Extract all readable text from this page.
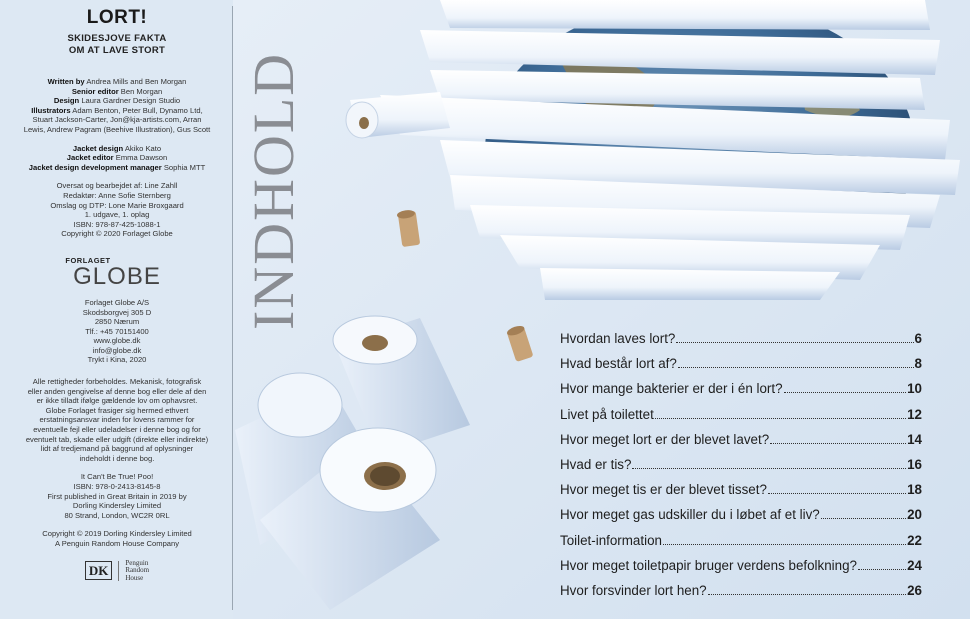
LORT!
SKIDESJOVE FAKTA
OM AT LAVE STORT
Written by Andrea Mills and Ben Morgan
Senior editor Ben Morgan
Design Laura Gardner Design Studio
Illustrators Adam Benton, Peter Bull, Dynamo Ltd,
Stuart Jackson-Carter, Jon@kja-artists.com, Arran
Lewis, Andrew Pagram (Beehive Illustration), Gus Scott
Jacket design Akiko Kato
Jacket editor Emma Dawson
Jacket design development manager Sophia MTT
Oversat og bearbejdet af: Line Zahll
Redaktør: Anne Sofie Sternberg
Omslag og DTP: Lone Marie Broxgaard
1. udgave, 1. oplag
ISBN: 978-87-425-1088-1
Copyright © 2020 Forlaget Globe
FORLAGET
GLOBE
Forlaget Globe A/S
Skodsborgvej 305 D
2850 Nærum
Tlf.: +45 70151400
www.globe.dk
info@globe.dk
Trykt i Kina, 2020
Alle rettigheder forbeholdes. Mekanisk, fotografisk
eller anden gengivelse af denne bog eller dele af den
er ikke tilladt ifølge gældende lov om ophavsret.
Globe Forlaget frasiger sig hermed ethvert
erstatningsansvar inden for lovens rammer for
eventuelle fejl eller udeladelser i denne bog og for
eventuelt tab, skade eller udgift (direkte eller indirekte)
lidt af tredjemand på baggrund af oplysninger
indeholdt i denne bog.
It Can't Be True! Poo!
ISBN: 978-0-2413-8145-8
First published in Great Britain in 2019 by
Dorling Kindersley Limited
80 Strand, London, WC2R 0RL
Copyright © 2019 Dorling Kindersley Limited
A Penguin Random House Company
DK
Penguin
Random
House
INDHOLD
Hvordan laves lort?	6
Hvad består lort af?	8
Hvor mange bakterier er der i én lort?	10
Livet på toilettet	12
Hvor meget lort er der blevet lavet?	14
Hvad er tis?	16
Hvor meget tis er der blevet tisset?	18
Hvor meget gas udskiller du i løbet af et liv?	20
Toilet-information	22
Hvor meget toiletpapir bruger verdens befolkning?	24
Hvor forsvinder lort hen?	26
